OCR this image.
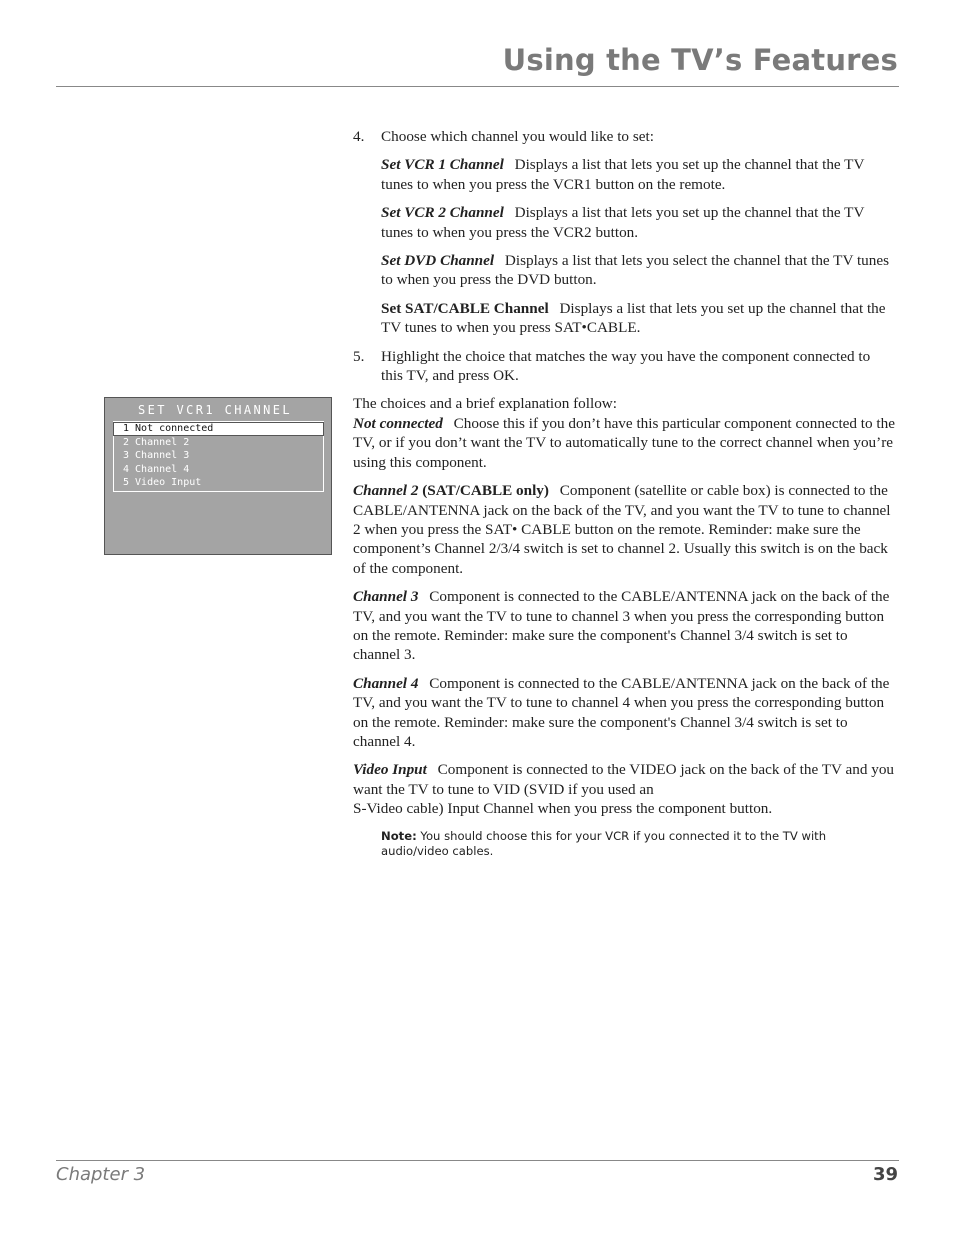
Using the TV’s Features
SET VCR1 CHANNEL
1 Not connected
2 Channel 2
3 Channel 3
4 Channel 4
5 Video Input
4. Choose which channel you would like to set:

Set VCR 1 Channel Displays a list that lets you set up the channel that the TV tunes to when you press the VCR1 button on the remote.

Set VCR 2 Channel Displays a list that lets you set up the channel that the TV tunes to when you press the VCR2 button.

Set DVD Channel Displays a list that lets you select the channel that the TV tunes to when you press the DVD button.

Set SAT/CABLE Channel Displays a list that lets you set up the channel that the TV tunes to when you press SAT•CABLE.

5. Highlight the choice that matches the way you have the component connected to this TV, and press OK.

The choices and a brief explanation follow:

Not connected Choose this if you don’t have this particular component connected to the TV, or if you don’t want the TV to automatically tune to the correct channel when you’re using this component.

Channel 2 (SAT/CABLE only) Component (satellite or cable box) is connected to the CABLE/ANTENNA jack on the back of the TV, and you want the TV to tune to channel 2 when you press the SAT• CABLE button on the remote. Reminder: make sure the component’s Channel 2/3/4 switch is set to channel 2. Usually this switch is on the back of the component.

Channel 3 Component is connected to the CABLE/ANTENNA jack on the back of the TV, and you want the TV to tune to channel 3 when you press the corresponding button on the remote. Reminder: make sure the component's Channel 3/4 switch is set to channel 3.

Channel 4 Component is connected to the CABLE/ANTENNA jack on the back of the TV, and you want the TV to tune to channel 4 when you press the corresponding button on the remote. Reminder: make sure the component's Channel 3/4 switch is set to channel 4.

Video Input Component is connected to the VIDEO jack on the back of the TV and you want the TV to tune to VID (SVID if you used an
S-Video cable) Input Channel when you press the component button.

Note: You should choose this for your VCR if you connected it to the TV with audio/video cables.

Chapter 3	39
